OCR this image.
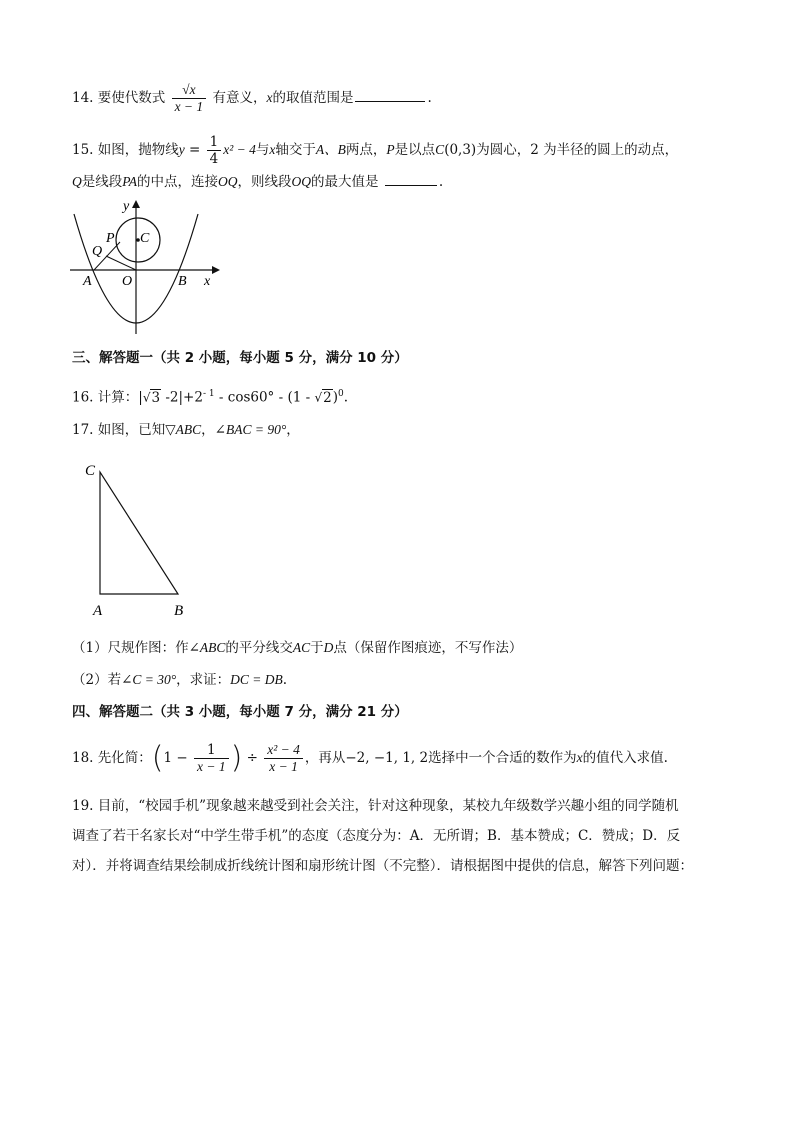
14. 要使代数式 $\frac{√x}{x - 1}$ 有意义，x的取值范围是	.
15. 如图，抛物线$y = \frac{1}{4} x^2 - 4$与x轴交于A、B两点，P是以点C(0,3)为圆心，2 为半径的圆上的动点，
Q是线段PA的中点，连接OQ，则线段OQ的最大值是	.
y
x
A O	B
C
P
Q
三、解答题一（共 2 小题，每小题 5 分，满分 10 分）
16. 计算：|√3 $-2|+2^{- 1} - \cos 60^\circ - (1 - √2)^0$.
17. 如图，已知▽ABC，∠BAC = 90°，
C
A	B
（1）尺规作图：作∠ABC的平分线交AC于D点（保留作图痕迹，不写作法）
（2）若∠C = 30°，求证：DC = DB.
四、解答题二（共 3 小题，每小题 7 分，满分 21 分）
18. 先化简：($1 - \frac{1}{x - 1}$ ) ÷ $\frac{\text{x² − 4}}{x - 1}$ ，再从−2, −1, 1, 2选择中一个合适的数作为x的值代入求值.
19. 目前，“校园手机”现象越来越受到社会关注，针对这种现象，某校九年级数学兴趣小组的同学随机
调查了若干名家长对“中学生带手机”的态度（态度分为：A．无所谓；B．基本赞成；C．赞成；D．反
对）．并将调查结果绘制成折线统计图和扇形统计图（不完整）．请根据图中提供的信息，解答下列问题：
